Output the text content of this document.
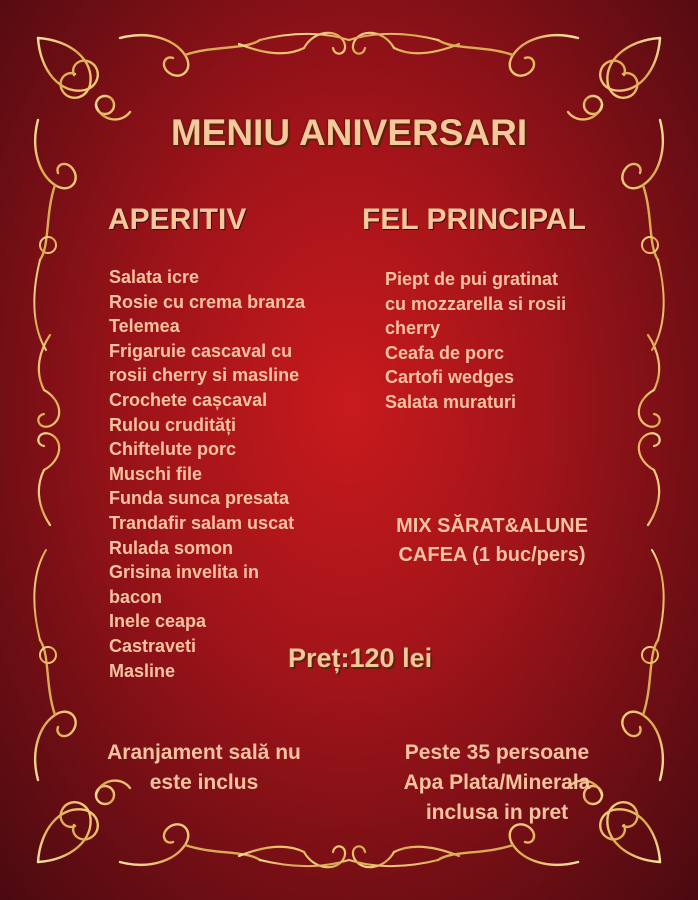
MENIU ANIVERSARI
APERITIV	FEL PRINCIPAL
Salata icre
Rosie cu crema branza
Telemea
Frigaruie cascaval cu
rosii cherry si masline
Crochete cașcaval
Rulou crudități
Chiftelute porc
Muschi file
Funda sunca presata
Trandafir salam uscat
Rulada somon
Grisina invelita in
bacon
Inele ceapa
Castraveti
Masline
Piept de pui gratinat
cu mozzarella si rosii
cherry
Ceafa de porc
Cartofi wedges
Salata muraturi
MIX SĂRAT&ALUNE
CAFEA (1 buc/pers)
Preț:120 lei
Aranjament sală nu
este inclus
Peste 35 persoane
Apa Plata/Minerala
inclusa in pret
